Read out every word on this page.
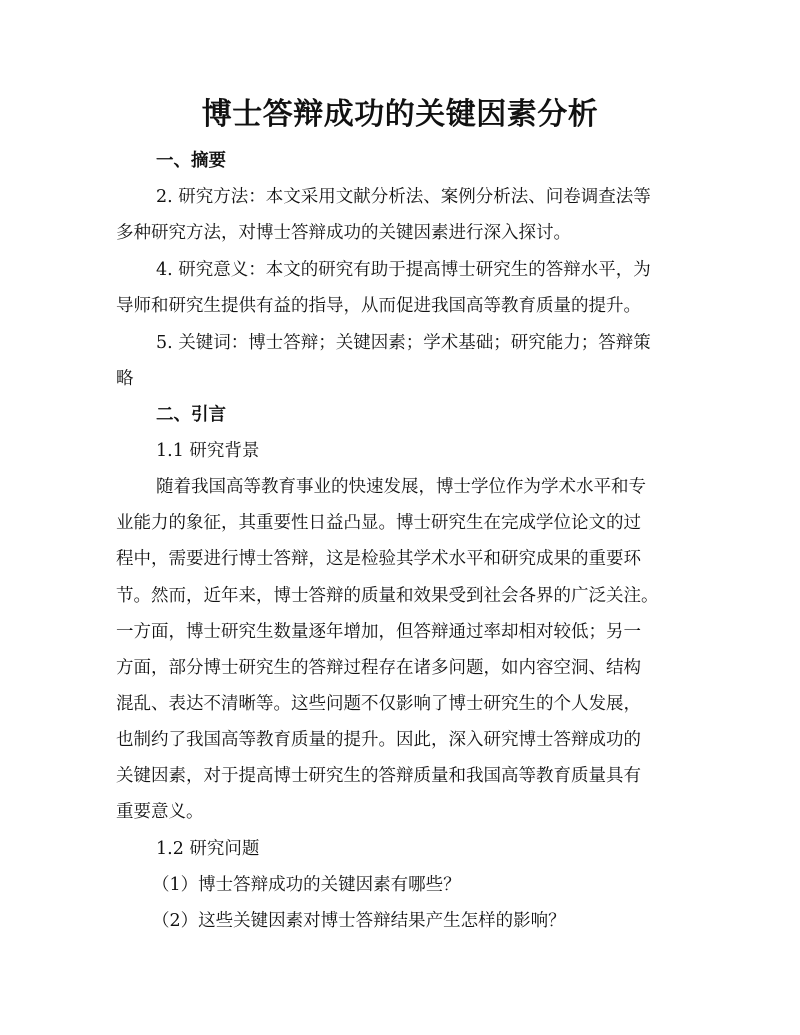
博士答辩成功的关键因素分析
一、摘要
2. 研究方法：本文采用文献分析法、案例分析法、问卷调查法等
多种研究方法，对博士答辩成功的关键因素进行深入探讨。
4. 研究意义：本文的研究有助于提高博士研究生的答辩水平，为
导师和研究生提供有益的指导，从而促进我国高等教育质量的提升。
5. 关键词：博士答辩；关键因素；学术基础；研究能力；答辩策
略
二、引言
1.1 研究背景
随着我国高等教育事业的快速发展，博士学位作为学术水平和专
业能力的象征，其重要性日益凸显。博士研究生在完成学位论文的过
程中，需要进行博士答辩，这是检验其学术水平和研究成果的重要环
节。然而，近年来，博士答辩的质量和效果受到社会各界的广泛关注。
一方面，博士研究生数量逐年增加，但答辩通过率却相对较低；另一
方面，部分博士研究生的答辩过程存在诸多问题，如内容空洞、结构
混乱、表达不清晰等。这些问题不仅影响了博士研究生的个人发展，
也制约了我国高等教育质量的提升。因此，深入研究博士答辩成功的
关键因素，对于提高博士研究生的答辩质量和我国高等教育质量具有
重要意义。
1.2 研究问题
（1）博士答辩成功的关键因素有哪些？
（2）这些关键因素对博士答辩结果产生怎样的影响？
